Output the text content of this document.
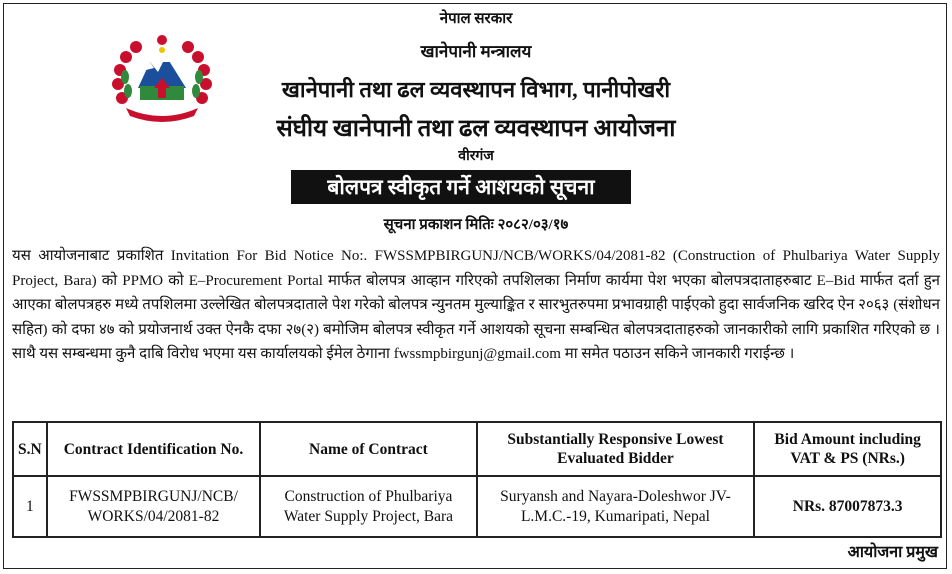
नेपाल सरकार
खानेपानी मन्त्रालय
खानेपानी तथा ढल व्यवस्थापन विभाग, पानीपोखरी
संघीय खानेपानी तथा ढल व्यवस्थापन आयोजना
वीरगंज
बोलपत्र स्वीकृत गर्ने आशयको सूचना
सूचना प्रकाशन मितिः २०८२/०३/१७
यस आयोजनाबाट प्रकाशित Invitation For Bid Notice No:. FWSSMPBIRGUNJ/NCB/WORKS/04/2081-82 (Construction of Phulbariya Water Supply Project, Bara) को PPMO को E–Procurement Portal मार्फत बोलपत्र आव्हान गरिएको तपशिलका निर्माण कार्यमा पेश भएका बोलपत्रदाताहरुबाट E–Bid मार्फत दर्ता हुन आएका बोलपत्रहरु मध्ये तपशिलमा उल्लेखित बोलपत्रदाताले पेश गरेको बोलपत्र न्युनतम मुल्याङ्कित र सारभुतरुपमा प्रभावग्राही पाईएको हुदा सार्वजनिक खरिद ऐन २०६३ (संशोधन सहित) को दफा ४७ को प्रयोजनार्थ उक्त ऐनकै दफा २७(२) बमोजिम बोलपत्र स्वीकृत गर्ने आशयको सूचना सम्बन्धित बोलपत्रदाताहरुको जानकारीको लागि प्रकाशित गरिएको छ । साथै यस सम्बन्धमा कुनै दाबि विरोध भएमा यस कार्यालयको ईमेल ठेगाना fwssmpbirgunj@gmail.com मा समेत पठाउन सकिने जानकारी गराईन्छ ।
S.N	Contract Identification No.	Name of Contract	Substantially Responsive Lowest Evaluated Bidder	Bid Amount including VAT & PS (NRs.)
1	FWSSMPBIRGUNJ/NCB/ WORKS/04/2081-82	Construction of Phulbariya Water Supply Project, Bara	Suryansh and Nayara-Doleshwor JV- L.M.C.-19, Kumaripati, Nepal	NRs. 87007873.3
आयोजना प्रमुख
